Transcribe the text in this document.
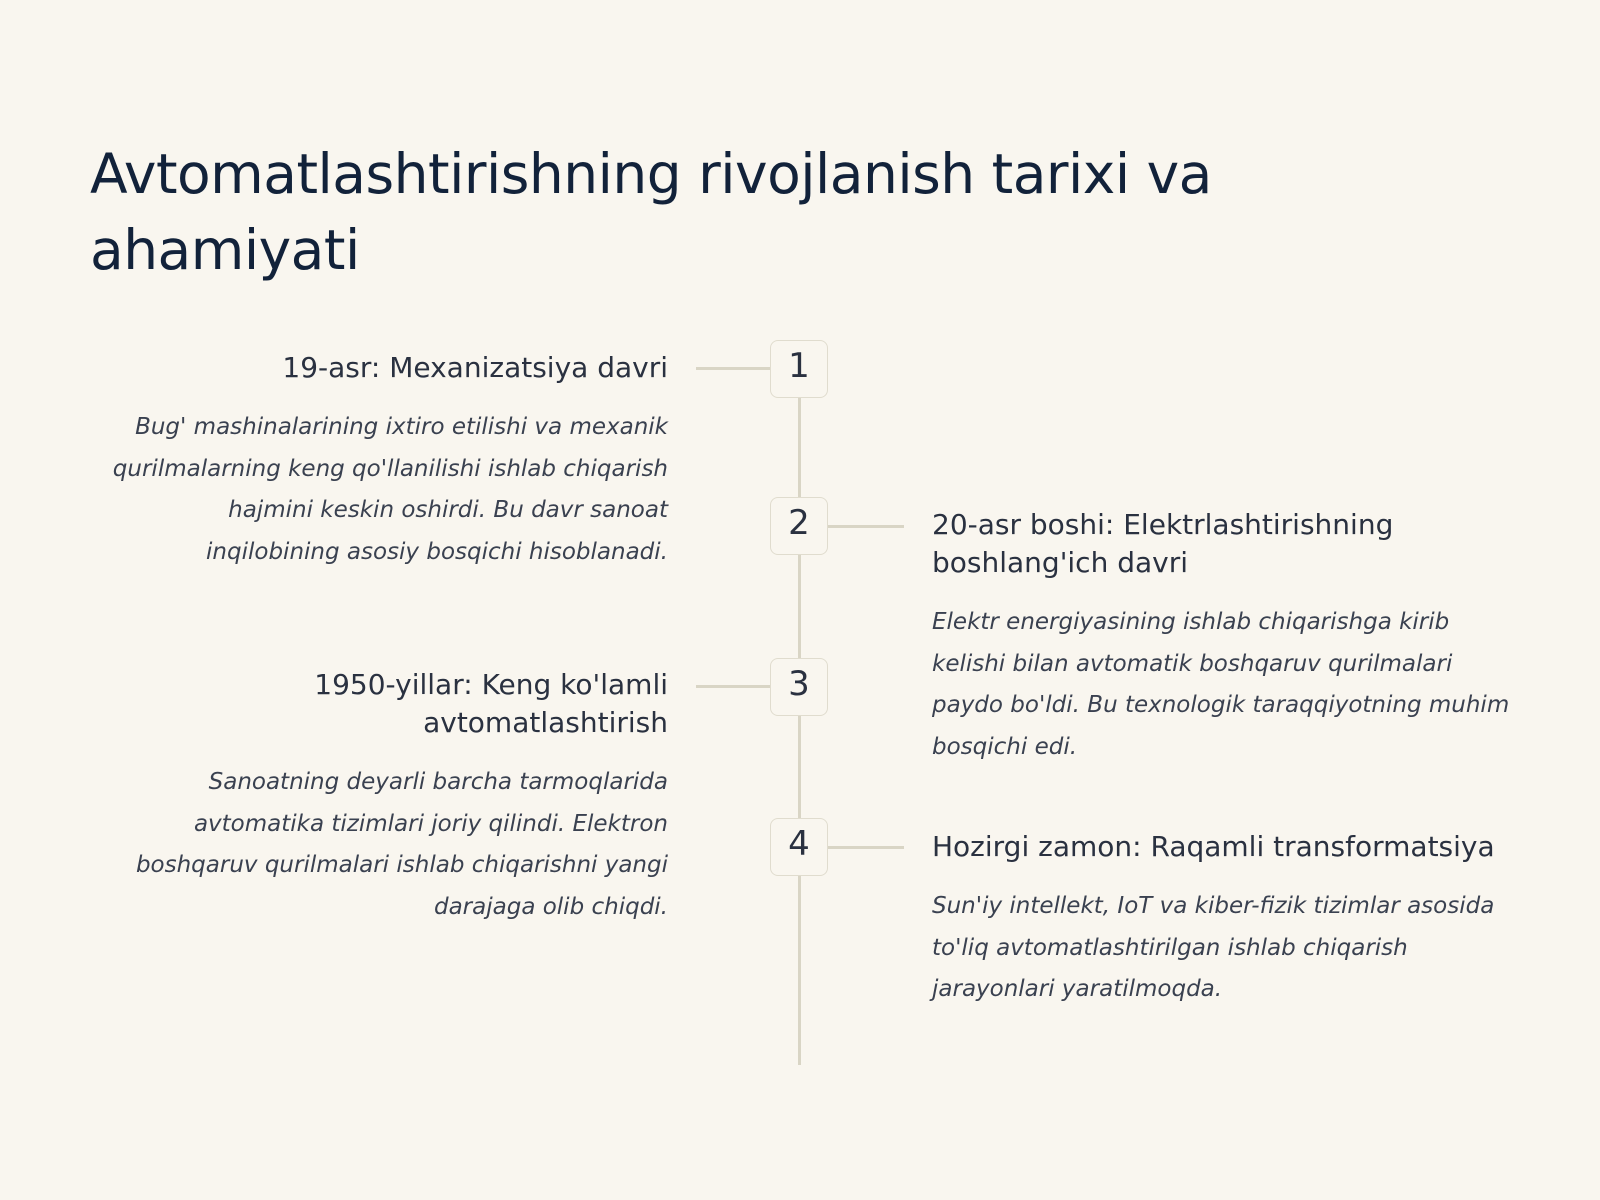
Avtomatlashtirishning rivojlanish tarixi va ahamiyati
1
19-asr: Mexanizatsiya davri

Bug' mashinalarining ixtiro etilishi va mexanik qurilmalarning keng qo'llanilishi ishlab chiqarish hajmini keskin oshirdi. Bu davr sanoat inqilobining asosiy bosqichi hisoblanadi.

2	20-asr boshi: Elektrlashtirishning boshlang'ich davri

Elektr energiyasining ishlab chiqarishga kirib kelishi bilan avtomatik boshqaruv qurilmalari paydo bo'ldi. Bu texnologik taraqqiyotning muhim bosqichi edi.

3
1950-yillar: Keng ko'lamli avtomatlashtirish

Sanoatning deyarli barcha tarmoqlarida avtomatika tizimlari joriy qilindi. Elektron boshqaruv qurilmalari ishlab chiqarishni yangi darajaga olib chiqdi.

4	Hozirgi zamon: Raqamli transformatsiya

Sun'iy intellekt, IoT va kiber-fizik tizimlar asosida to'liq avtomatlashtirilgan ishlab chiqarish jarayonlari yaratilmoqda.
